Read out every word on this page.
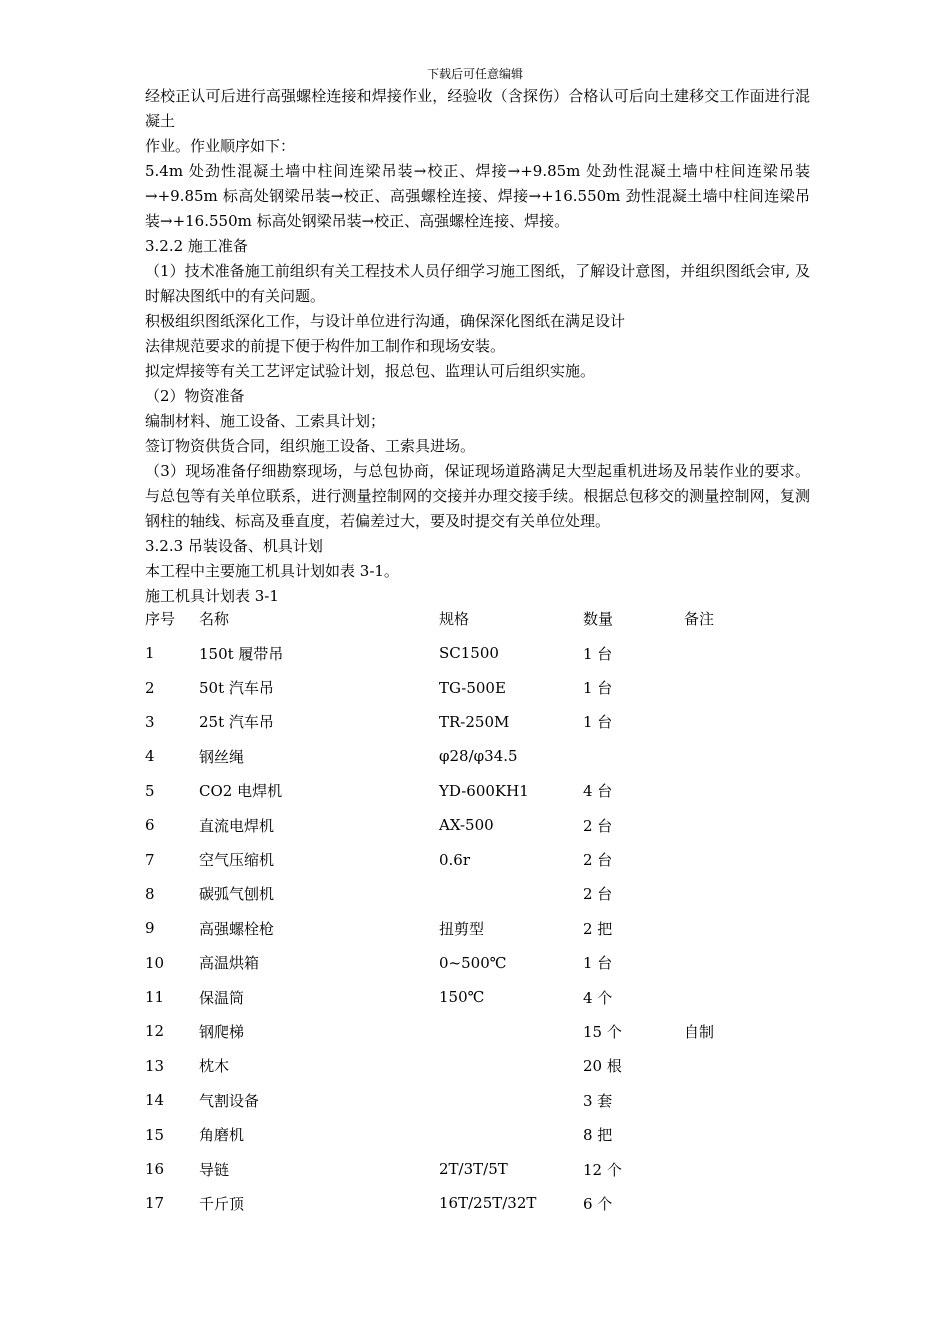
下载后可任意编辑

经校正认可后进行高强螺栓连接和焊接作业，经验收（含探伤）合格认可后向土建移交工作面进行混凝土

作业。作业顺序如下：

5.4m 处劲性混凝土墙中柱间连梁吊装→校正、焊接→+9.85m 处劲性混凝土墙中柱间连梁吊装→+9.85m 标高处钢梁吊装→校正、高强螺栓连接、焊接→+16.550m 劲性混凝土墙中柱间连梁吊装→+16.550m 标高处钢梁吊装→校正、高强螺栓连接、焊接。

3.2.2 施工准备

（1）技术准备施工前组织有关工程技术人员仔细学习施工图纸，了解设计意图，并组织图纸会审, 及时解决图纸中的有关问题。

积极组织图纸深化工作，与设计单位进行沟通，确保深化图纸在满足设计

法律规范要求的前提下便于构件加工制作和现场安装。

拟定焊接等有关工艺评定试验计划，报总包、监理认可后组织实施。

（2）物资准备

编制材料、施工设备、工索具计划；

签订物资供货合同，组织施工设备、工索具进场。

（3）现场准备仔细勘察现场，与总包协商，保证现场道路满足大型起重机进场及吊装作业的要求。与总包等有关单位联系，进行测量控制网的交接并办理交接手续。根据总包移交的测量控制网，复测钢柱的轴线、标高及垂直度，若偏差过大，要及时提交有关单位处理。

3.2.3 吊装设备、机具计划

本工程中主要施工机具计划如表 3-1。

施工机具计划表 3-1

序号	名称	规格	数量	备注
1	150t 履带吊	SC1500	1 台	
2	50t 汽车吊	TG-500E	1 台	
3	25t 汽车吊	TR-250M	1 台	
4	钢丝绳	φ28/φ34.5		
5	CO2 电焊机	YD-600KH1	4 台	
6	直流电焊机	AX-500	2 台	
7	空气压缩机	0.6r	2 台	
8	碳弧气刨机		2 台	
9	高强螺栓枪	扭剪型	2 把	
10	高温烘箱	0~500℃	1 台	
11	保温筒	150℃	4 个	
12	钢爬梯		15 个	自制
13	枕木		20 根	
14	气割设备		3 套	
15	角磨机		8 把	
16	导链	2T/3T/5T	12 个	
17	千斤顶	16T/25T/32T	6 个	
